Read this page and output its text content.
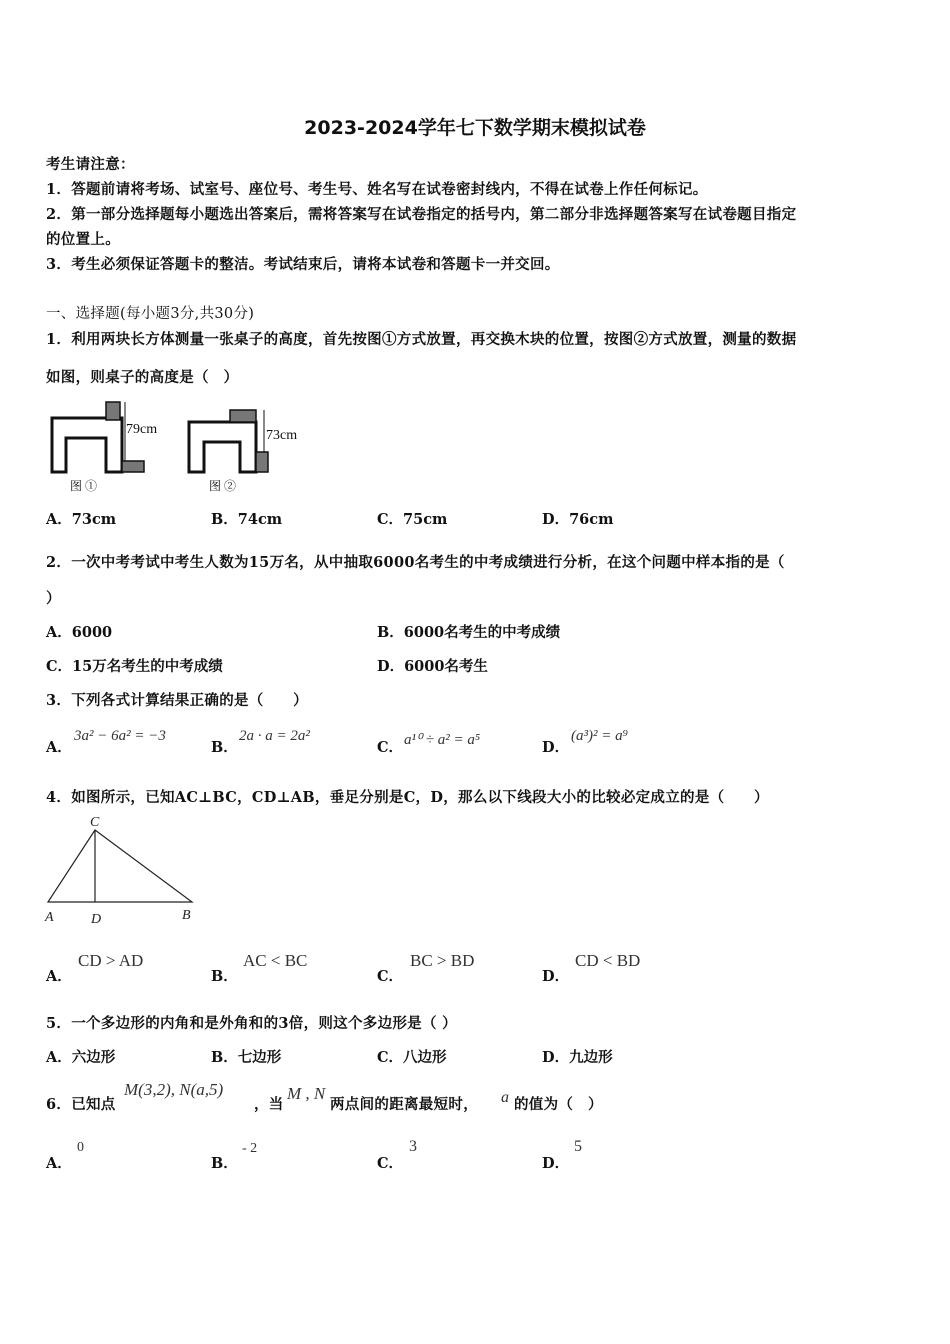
2023-2024学年七下数学期末模拟试卷
考生请注意：
1．答题前请将考场、试室号、座位号、考生号、姓名写在试卷密封线内，不得在试卷上作任何标记。
2．第一部分选择题每小题选出答案后，需将答案写在试卷指定的括号内，第二部分非选择题答案写在试卷题目指定
的位置上。
3．考生必须保证答题卡的整洁。考试结束后，请将本试卷和答题卡一并交回。
一、选择题(每小题3分,共30分)
1．利用两块长方体测量一张桌子的高度，首先按图①方式放置，再交换木块的位置，按图②方式放置，测量的数据
如图，则桌子的高度是（　）
79cm
图 ①
73cm
图 ②
A．73cm	B．74cm	C．75cm	D．76cm
2．一次中考考试中考生人数为15万名，从中抽取6000名考生的中考成绩进行分析，在这个问题中样本指的是（
）
A．6000	B．6000名考生的中考成绩
C．15万名考生的中考成绩	D．6000名考生
3．下列各式计算结果正确的是（　　）
A．
3a² − 6a² = −3
B．
2a · a = 2a²
C． a¹⁰ ÷ a² = a⁵	D．
(a³)² = a⁹
4．如图所示，已知AC⊥BC，CD⊥AB，垂足分别是C，D，那么以下线段大小的比较必定成立的是（　　）
C
A	D	B
A．
CD > AD
B．
AC < BC
C．
BC > BD
D．
CD < BD
5．一个多边形的内角和是外角和的3倍，则这个多边形是（ ）
A．六边形	B．七边形	C．八边形	D．九边形
6．已知点
M(3,2), N(a,5)
，当
M , N
两点间的距离最短时， a 的值为（　）
A．
0
B．
- 2
C．
3
D．
5
